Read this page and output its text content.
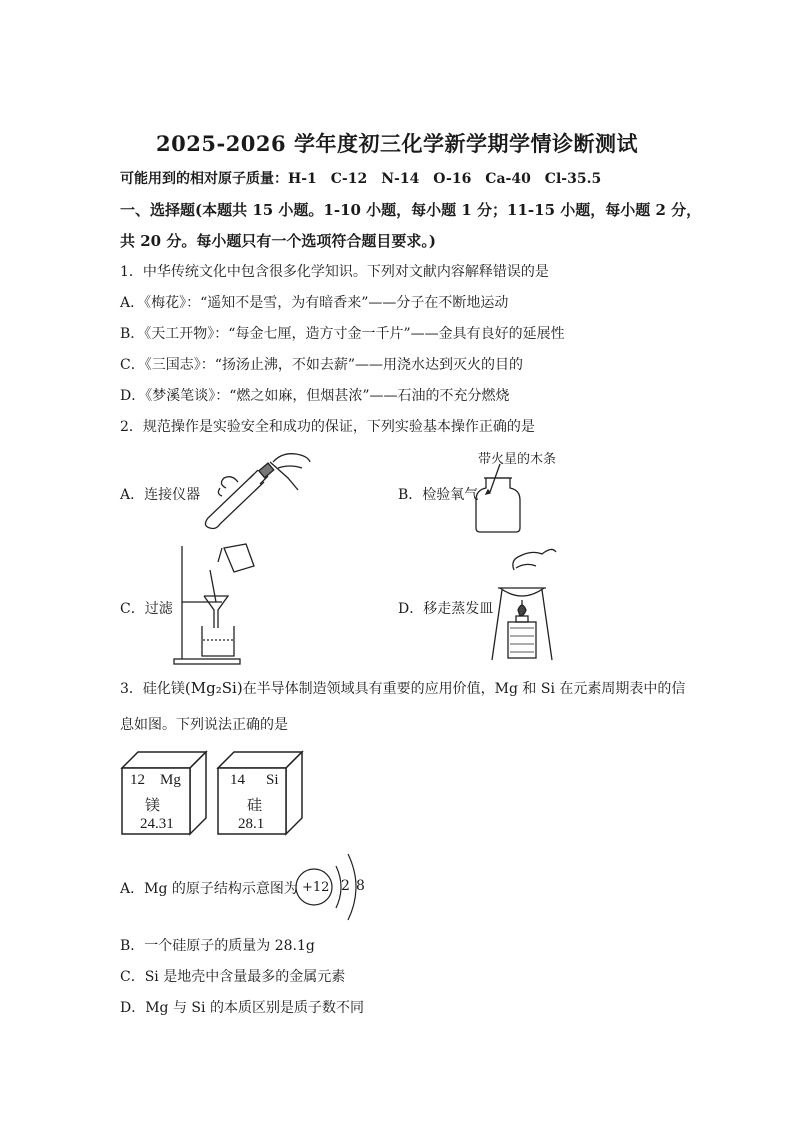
2025-2026 学年度初三化学新学期学情诊断测试
可能用到的相对原子质量：H-1　C-12　N-14　O-16　Ca-40　Cl-35.5
一、选择题(本题共 15 小题。1-10 小题，每小题 1 分；11-15 小题，每小题 2 分，
共 20 分。每小题只有一个选项符合题目要求。)
1．中华传统文化中包含很多化学知识。下列对文献内容解释错误的是
A．《梅花》：“遥知不是雪，为有暗香来”——分子在不断地运动
B．《天工开物》：“每金七厘，造方寸金一千片”——金具有良好的延展性
C．《三国志》：“扬汤止沸，不如去薪”——用浇水达到灭火的目的
D．《梦溪笔谈》：“燃之如麻，但烟甚浓”——石油的不充分燃烧
2．规范操作是实验安全和成功的保证，下列实验基本操作正确的是
A．连接仪器	B．检验氧气
带火星的木条
C．过滤	D．移走蒸发皿
3．硅化镁(Mg₂Si)在半导体制造领域具有重要的应用价值，Mg 和 Si 在元素周期表中的信
息如图。下列说法正确的是
12 Mg
镁
24.31
14 Si
硅
28.1
A．Mg 的原子结构示意图为 +12 2 8
B．一个硅原子的质量为 28.1g
C．Si 是地壳中含量最多的金属元素
D．Mg 与 Si 的本质区别是质子数不同
